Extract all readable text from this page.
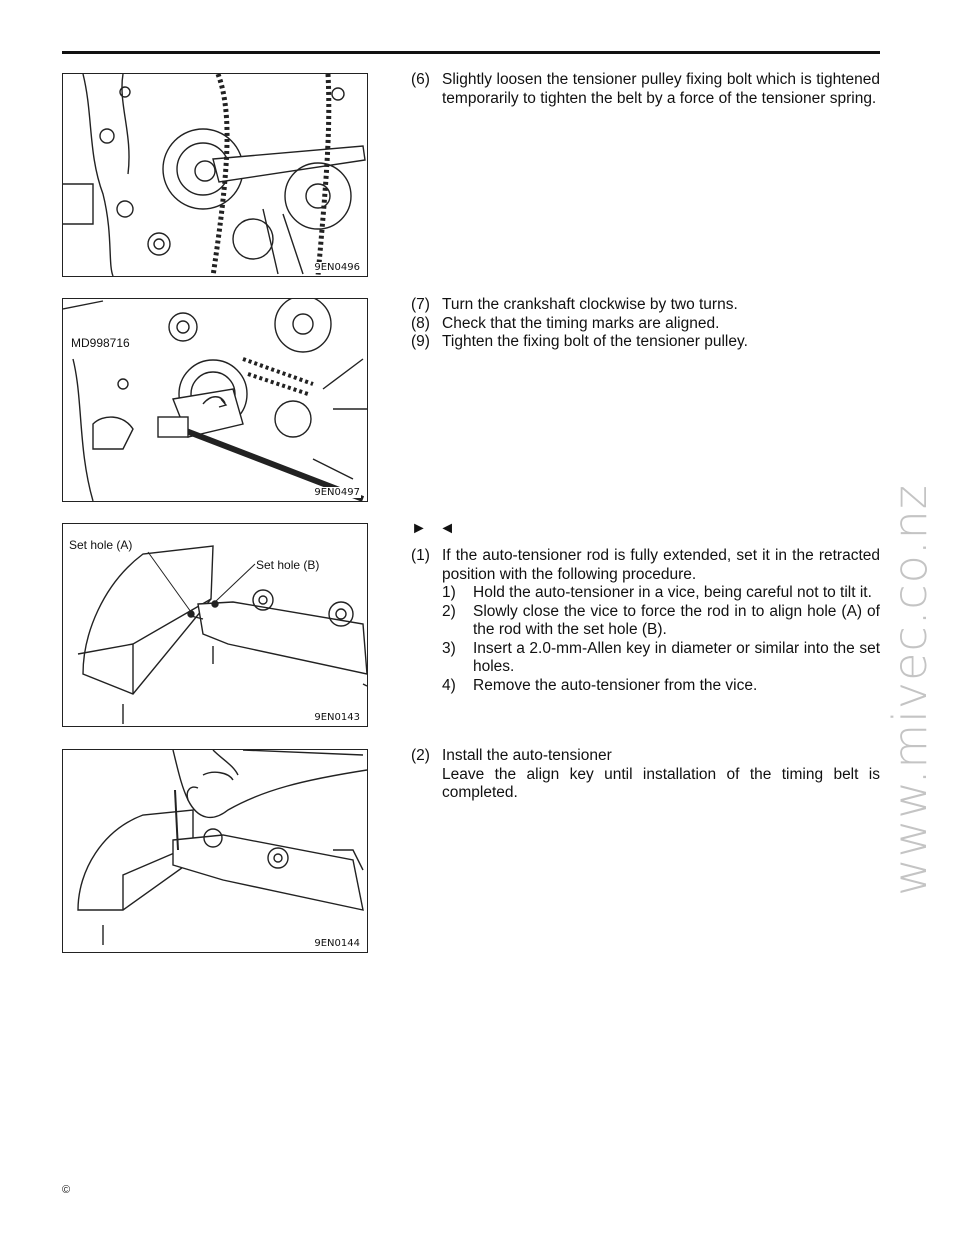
9EN0496
MD998716
9EN0497
Set hole (A)
Set hole (B)
9EN0143
9EN0144
(6) Slightly loosen the tensioner pulley fixing bolt which is tightened temporarily to tighten the belt by a force of the tensioner spring.
(7) Turn the crankshaft clockwise by two turns.
(8) Check that the timing marks are aligned.
(9) Tighten the fixing bolt of the tensioner pulley.
► ◄
(1) If the auto-tensioner rod is fully extended, set it in the retracted position with the following procedure.
1)	Hold the auto-tensioner in a vice, being careful not to tilt it.
2)	Slowly close the vice to force the rod in to align hole (A) of the rod with the set hole (B).
3)	Insert a 2.0-mm-Allen key in diameter or similar into the set holes.
4)	Remove the auto-tensioner from the vice.
(2) Install the auto-tensioner
Leave the align key until installation of the timing belt is completed.	www.mivec.co.nz
©
